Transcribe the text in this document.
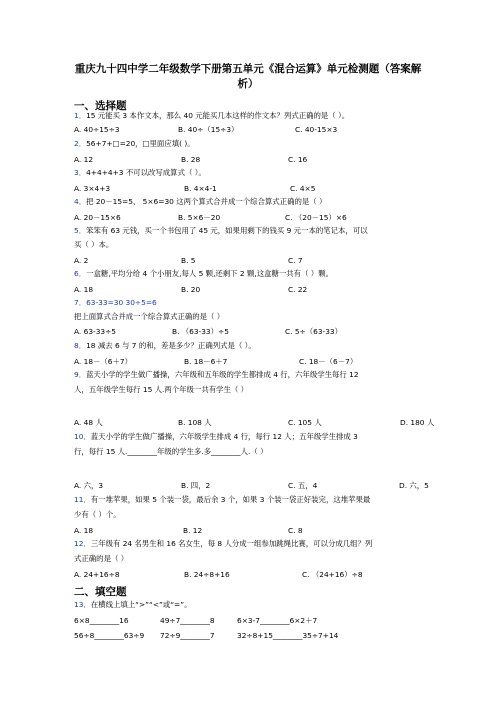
重庆九十四中学二年级数学下册第五单元《混合运算》单元检测题（答案解
析）
一、选择题
1．15 元能买 3 本作文本，那么 40 元能买几本这样的作文本？列式正确的是（ ）。
A. 40÷15÷3	B. 40÷（15÷3）	C. 40-15×3
2．56+7+□=20，□里面应填( )。
A. 12	B. 28	C. 16
3．4+4+4+3 不可以改写成算式（ ）。
A. 3×4+3	B. 4×4-1	C. 4×5
4．把 20－15=5、 5×6=30 这两个算式合并成一个综合算式正确的是（ ）
A. 20－15×6	B. 5×6－20	C. （20－15）×6
5．笨笨有 63 元钱，买一个书包用了 45 元，如果用剩下的钱买 9 元一本的笔记本，可以
买（ ）本。
A. 2	B. 5	C. 7
6．一盒糖,平均分给 4 个小朋友,每人 5 颗,还剩下 2 颗,这盒糖一共有（ ）颗。
A. 18	B. 20	C. 22
7．63-33=30 30÷5=6
把上面算式合并成一个综合算式正确的是（ ）
A. 63-33÷5	B. （63-33）÷5	C. 5÷（63-33）
8．18 减去 6 与 7 的和，差是多少？正确列式是（ ）。
A. 18－（6＋7）	B. 18－6＋7	C. 18－（6－7）
9．蓝天小学的学生做广播操，六年级和五年级的学生都排成 4 行，六年级学生每行 12
人，五年级学生每行 15 人.两个年级一共有学生（ ）
A. 48 人	B. 108 人	C. 105 人	D. 180 人
10．蓝天小学的学生做广播操，六年级学生排成 4 行，每行 12 人；五年级学生排成 3
行，每行 15 人.________年级的学生多.多________人.（ ）
A. 六，3	B. 四，2	C. 五，4	D. 六，5
11．有一堆苹果，如果 5 个装一袋，最后余 3 个，如果 3 个装一袋正好装完，这堆苹果最
少有（ ）个。
A. 18	B. 12	C. 8
12．三年级有 24 名男生和 16 名女生，每 8 人分成一组参加跳绳比赛，可以分成几组？列
式正确的是（ ）
A. 24+16÷8	B. 24÷8+16	C. （24+16）÷8
二、填空题
13．在横线上填上“>”“<”或“=”。
6×8________16	49÷7________8	6×3-7________6×2＋7
56÷8________63÷9 72÷9________7	32÷8+15________35÷7+14
